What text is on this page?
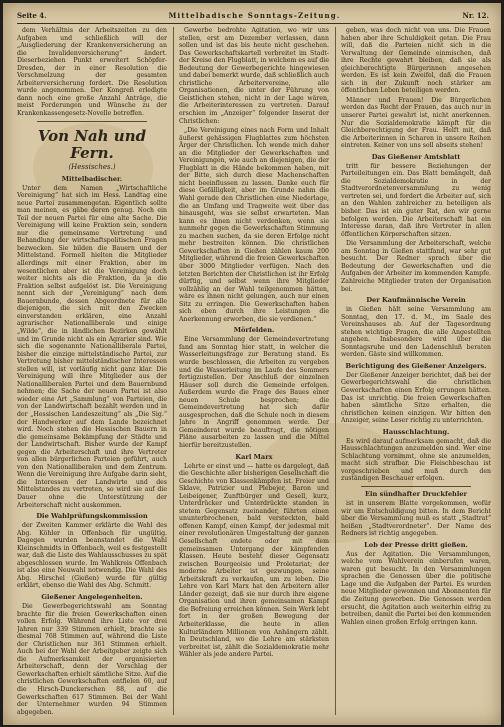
Seite 4.	Mittelbadische Sonntags-Zeitung.	Nr. 12.

dem Verhältnis der Arbeitszeiten zu den Aufgaben und schließlich will der „Ausgliederung der Krankenversicherung an die Invalidenversicherung“ ändert. Dieserbeziehen Punkt erweitert Schöpfer-Dresden, der in einer Resolution die Verschmelzung der gesamten Arbeiterversicherung fordert. Die Resolution wurde angenommen. Der Kongreß erledigte dann noch eine große Anzahl Anträge, die meist Forderungen und Wünsche zu der Krankenkassengesetz-Novelle betreffen.

Von Nah und Fern.
(Hessisches.)
Mittelbadischer.

Unter dem Namen „Wirtschaftliche Vereinigung“ hat sich im Hess. Landtag eine neue Partei zusammengetan. Eigentlich sollte man meinen, es gäbe deren genug. Noch ein Teil der neuen Partei für eine alte Sache. Die Vereinigung will keine Fraktion sein, sondern nur die gemeinsame Vertretung und Behandlung der wirtschaftspolitischen Fragen bezwecken. Sie bilden die Bauern und der Mittelstand. Formell hielten die Mitglieder allerdings mit einer Fraktion, aber im wesentlichen aber ist die Vereinigung doch weiter nichts als die Fraktion, da ja die Fraktion selbst aufgelöst ist. Die Vereinigung nennt sich der „Vereinigung“ nach dem Bauernbunde, dessen Abgeordnete für alle diejenigen, die sich mit den Zwecken einverstanden erklären, eine Anzahl agrarischer Nationalliberale und einige „Wilde“, die in ländlichen Bezirken gewählt und im Grunde nicht als ein Agrarier sind. Wie sich die sogenannte Nationalliberale Partei, bisher die einzige mittelständische Partei, zur Vertretung bisher mittelständischer Interessen stellen will, ist vorläufig nicht ganz klar. Die Vereinigung will ihre Mitglieder aus der Nationalliberalen Partei und dem Bauernbund nehmen; die Sache der neuen Partei ist also wieder eine Art „Sammlung“ von Parteien, die von der Landwirtschaft bezahlt werden und in der „Hessischen Landeszeitung“ als „Die Sig.“ der Handwerker auf dem Lande bezeichnet wird. Noch stehen die Hessischen Bauern in die gemeinsame Bekämpfung der Städte und der Landwirtschaft. Bisher wurde der Kampf gegen die Arbeiterschaft und ihre Vertreter von allen bürgerlichen Parteien geführt, auch von den Nationalliberalen und dem Zentrum. Wenn die Vereinigung ihre Aufgabe darin sieht, die Interessen der Landwirte und des Mittelstandes zu vertreten, so wird sie auf die Dauer ohne die Unterstützung der Arbeiterschaft nicht auskommen.

Die Wahlprüfungskommission

der Zweiten Kammer erklärte die Wahl des Abg. Köhler in Offenbach für ungültig. Dagegen wurden beanstandet die Wahl Kleinschmidts in Offenbach, weil es festgestellt war, daß die Liste des Wahlausschusses zu spät abgeschlossen wurde. Im Wahlkreis Offenbach ist also eine Neuwahl notwendig. Die Wahl des Abg. Hirschel (Gießen) wurde für gültig erklärt, ebenso die Wahl des Abg. Schmitt.

Gießener Angelegenheiten.

Die Gewerbegerichtswahl am Sonntag brachte für die freien Gewerkschaften einen vollen Erfolg. Während ihre Liste vor drei Jahren nur 339 Stimmen erhielt, brachte sie diesmal 768 Stimmen auf, während die Liste der Christlichen nur 361 Stimmen erhielt. Auch bei der Wahl der Arbeitgeber zeigte sich die Aufmerksamkeit der organisierten Arbeiterschaft, denn der Vorschlag der Gewerkschaften erhielt sämtliche Sitze. Auf die christlichen Gewerkschaften entfielen 60, auf die Hirsch-Dunckerschen 88, auf die Gewerkschaften 617 Stimmen. Bei der Wahl der Unternehmer wurden 94 Stimmen abgegeben.

Gewerbe bedrohte Agitation, wo wir uns stellen, erst am Dezember verlassen, dann sollen und ist das bis heute nicht geschehen. Das Gewerkschaftskartell verbreitet im Stadt- der Kreise den Flugblatt, in welchem es auf die Bedeutung der Gewerbegerichte hingewiesen und dabei bemerkt wurde, daß schließlich auch christliche Arbeitervereine, alle Organisationen, die unter der Führung von Geistlichen stehen, nicht in der Lage wären, die Arbeiterinteressen zu vertreten. Darauf erschien im „Anzeiger“ folgender Inserat der Christlichen:

„Die Vereinigung eines nach Form und Inhalt äußerst gehässigen Flugblattes zum höchsten Ärger der Christlichen. Ich wende mich daher an die Mitglieder der Gewerkschaften und Vereinigungen, wie auch an diejenigen, die der Flugblatt in die Hände bekommen haben, mit der Bitte, sich durch diese Machenschaften nicht beeinflussen zu lassen. Danke euch für diese Gefälligkeit, aber im Grunde nahm die Wahl gerade den Christlichen eine Niederlage, die an Umfang und Tragweite weit über das hinausgeht, was sie selbst erwarteten. Man kann es ihnen nicht verdenken, wenn sie nunmehr gegen die Gewerkschaften Stimmung zu machen suchen, da sie deren Erfolge nicht mehr bestreiten können. Die christlichen Gewerkschaften in Gießen zählen kaum 200 Mitglieder, während die freien Gewerkschaften über 3000 Mitglieder verfügen. Nach den letzten Berichten der Christlichen ist ihr Erfolg dürftig, und selbst wenn ihre Mitglieder vollzählig an der Wahl teilgenommen hätten, wäre es ihnen nicht gelungen, auch nur einen Sitz zu erringen. Die Gewerkschaften haben sich eben durch ihre Leistungen die Anerkennung erworben, die sie verdienen.“

Mörfelden.

Eine Versammlung der Gemeindevertretung fand am Sonntag hier statt, in welcher die Wasserleitungsfrage zur Beratung stand. Es wurde beschlossen, die Arbeiten zu vergeben und die Wasserleitung im Laufe des Sommers fertigzustellen. Der Anschluß der einzelnen Häuser soll durch die Gemeinde erfolgen. Außerdem wurde die Frage des Baues einer neuen Schule besprochen; die Gemeindevertretung hat sich dafür ausgesprochen, daß die Schule noch in diesem Jahre in Angriff genommen werde. Der Gemeinderat wurde beauftragt, die nötigen Pläne ausarbeiten zu lassen und die Mittel hierfür bereitzustellen.

Karl Marx

Lehrte er einst und — hatte es dargelegt, daß die Geschichte aller bisherigen Gesellschaft die Geschichte von Klassenkämpfen ist. Freier und Sklave, Patrizier und Plebejer, Baron und Leibeigener, Zunftbürger und Gesell, kurz, Unterdrücker und Unterdrückte standen in stetem Gegensatz zueinander, führten einen ununterbrochenen, bald versteckten, bald offenen Kampf, einen Kampf, der jedesmal mit einer revolutionären Umgestaltung der ganzen Gesellschaft endete oder mit dem gemeinsamen Untergang der kämpfenden Klassen. Heute besteht dieser Gegensatz zwischen Bourgeoisie und Proletariat; der moderne Arbeiter ist gezwungen, seine Arbeitskraft zu verkaufen, um zu leben. Die Lehre von Karl Marx hat den Arbeitern aller Länder gezeigt, daß sie nur durch ihre eigene Organisation und ihren gemeinsamen Kampf die Befreiung erreichen können. Sein Werk lebt fort in der großen Bewegung der Arbeiterklasse, die heute in allen Kulturländern Millionen von Anhängern zählt. In Deutschland, wo die Lehre am stärksten verbreitet ist, zählt die Sozialdemokratie mehr Wähler als jede andere Partei.

geben, was doch nicht von uns. Die Frauen haben aber ihre Schuldigkeit getan. Die Frau will, daß die Parteien nicht sich in die Verwaltung der Gemeinde einmischen, daß ihre Rechte gewahrt bleiben, daß sie als gleichberechtigte Bürgerinnen angesehen werden. Es ist kein Zweifel, daß die Frauen sich in der Zukunft noch stärker am öffentlichen Leben beteiligen werden.

Männer und Frauen! Die Bürgerlichen werden das Recht der Frauen, das auch nur in unserer Partei gewahrt ist, nicht anerkennen. Nur die Sozialdemokratie kämpft für die Gleichberechtigung der Frau. Helft mit, daß die Arbeiterinnen in Scharen in unsere Reihen eintreten. Keiner von uns soll abseits stehen!

Das Gießener Amtsblatt

tritt für bessere Beziehungen der Parteileitungen ein. Das Blatt bemängelt, daß die Sozialdemokratie in der Stadtverordnetenversammlung zu wenig vertreten sei, und fordert die Arbeiter auf, sich an den Wahlen zahlreicher zu beteiligen als bisher. Das ist ein guter Rat, den wir gerne befolgen werden. Die Arbeiterschaft hat ein Interesse daran, daß ihre Vertreter in allen öffentlichen Körperschaften sitzen.

Die Versammlung der Arbeiterschaft, welche am Sonntag in Gießen stattfand, war sehr gut besucht. Der Redner sprach über die Bedeutung der Gewerkschaften und die Aufgaben der Arbeiter im kommenden Kampfe. Zahlreiche Mitglieder traten der Organisation bei.

Der Kaufmännische Verein

in Gießen hält seine Versammlung am Sonntag, den 17. d. M., im Saale des Vereinshauses ab. Auf der Tagesordnung stehen wichtige Fragen, die alle Angestellten angehen. Insbesondere wird über die Sonntagsruhe und den Ladenschluß beraten werden. Gäste sind willkommen.

Berichtigung des Gießener Anzeigers.

Der Gießener Anzeiger berichtet, daß bei der Gewerbegerichtswahl die christlichen Gewerkschaften einen Erfolg errungen hätten. Das ist unrichtig. Die freien Gewerkschaften haben sämtliche Sitze erhalten, die christlichen keinen einzigen. Wir bitten den Anzeiger, seine Leser richtig zu unterrichten.

Hausschlachtung.

Es wird darauf aufmerksam gemacht, daß die Hausschlachtungen anzumelden sind. Wer eine Schlachtung vornimmt, ohne sie anzumelden, macht sich strafbar. Die Fleischbeschau ist vorgeschrieben und muß durch den zuständigen Beschauer erfolgen.

Ein sündhafter Druckfehler

ist in unserem Blatte vorgekommen, wofür wir um Entschuldigung bitten. In dem Bericht über die Versammlung muß es statt „Stadtrat“ heißen „Stadtverordneter“. Der Name des Redners ist richtig angegeben.

Lob der Presse dritt gießen.

Aus der Agitation. Die Versammlungen, welche vom Wahlverein einberufen waren, waren gut besucht. In den Versammlungen sprachen die Genossen über die politische Lage und die Aufgaben der Partei. Es wurden neue Mitglieder gewonnen und Abonnenten für die Zeitung geworben. Die Genossen werden ersucht, die Agitation auch weiterhin eifrig zu betreiben, damit die Partei bei den kommenden Wahlen einen großen Erfolg erringen kann.
